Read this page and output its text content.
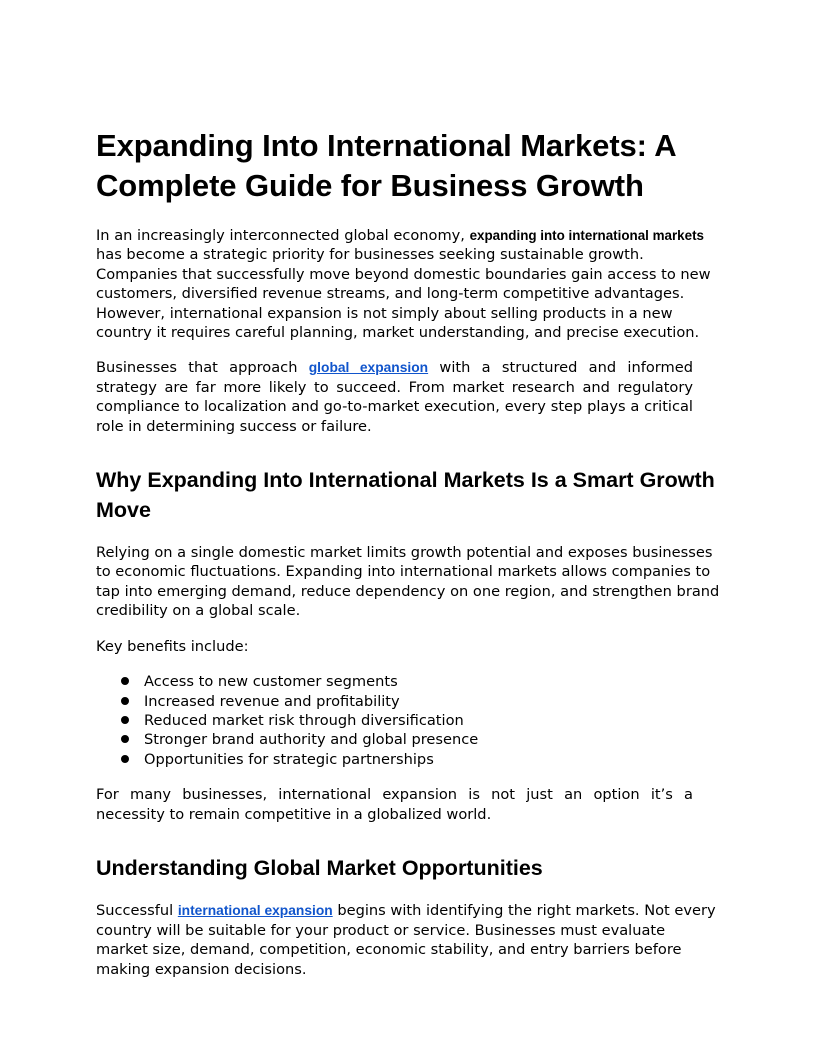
Expanding Into International Markets: A Complete Guide for Business Growth

In an increasingly interconnected global economy, expanding into international markets has become a strategic priority for businesses seeking sustainable growth. Companies that successfully move beyond domestic boundaries gain access to new customers, diversified revenue streams, and long-term competitive advantages. However, international expansion is not simply about selling products in a new country it requires careful planning, market understanding, and precise execution.

Businesses that approach global expansion with a structured and informed strategy are far more likely to succeed. From market research and regulatory compliance to localization and go-to-market execution, every step plays a critical role in determining success or failure.

Why Expanding Into International Markets Is a Smart Growth Move

Relying on a single domestic market limits growth potential and exposes businesses to economic fluctuations. Expanding into international markets allows companies to tap into emerging demand, reduce dependency on one region, and strengthen brand credibility on a global scale.

Key benefits include:

Access to new customer segments
Increased revenue and profitability
Reduced market risk through diversification
Stronger brand authority and global presence
Opportunities for strategic partnerships

For many businesses, international expansion is not just an option it’s a necessity to remain competitive in a globalized world.

Understanding Global Market Opportunities

Successful international expansion begins with identifying the right markets. Not every country will be suitable for your product or service. Businesses must evaluate market size, demand, competition, economic stability, and entry barriers before making expansion decisions.
